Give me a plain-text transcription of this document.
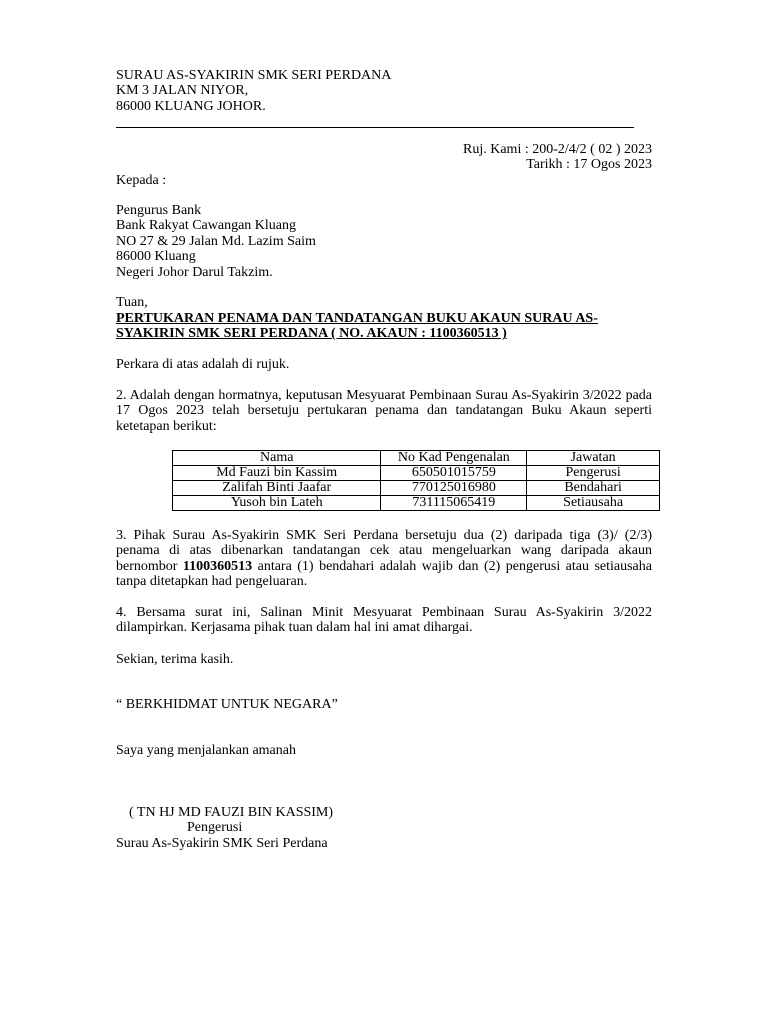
SURAU AS-SYAKIRIN SMK SERI PERDANA
KM 3 JALAN NIYOR,
86000 KLUANG JOHOR.
Ruj. Kami : 200-2/4/2 ( 02 ) 2023
Tarikh : 17 Ogos 2023
Kepada :
Pengurus Bank
Bank Rakyat Cawangan Kluang
NO 27 & 29 Jalan Md. Lazim Saim
86000 Kluang
Negeri Johor Darul Takzim.
Tuan,
PERTUKARAN PENAMA DAN TANDATANGAN BUKU AKAUN SURAU AS-
SYAKIRIN SMK SERI PERDANA ( NO. AKAUN : 1100360513 )
Perkara di atas adalah di rujuk.
2. Adalah dengan hormatnya, keputusan Mesyuarat Pembinaan Surau As-Syakirin 3/2022 pada
17 Ogos 2023 telah bersetuju pertukaran penama dan tandatangan Buku Akaun seperti
ketetapan berikut:
Nama	No Kad Pengenalan	Jawatan
Md Fauzi bin Kassim	650501015759	Pengerusi
Zalifah Binti Jaafar	770125016980	Bendahari
Yusoh bin Lateh	731115065419	Setiausaha
3. Pihak Surau As-Syakirin SMK Seri Perdana bersetuju dua (2) daripada tiga (3)/ (2/3)
penama di atas dibenarkan tandatangan cek atau mengeluarkan wang daripada akaun
bernombor 1100360513 antara (1) bendahari adalah wajib dan (2) pengerusi atau setiausaha
tanpa ditetapkan had pengeluaran.
4. Bersama surat ini, Salinan Minit Mesyuarat Pembinaan Surau As-Syakirin 3/2022
dilampirkan. Kerjasama pihak tuan dalam hal ini amat dihargai.
Sekian, terima kasih.
“ BERKHIDMAT UNTUK NEGARA”
Saya yang menjalankan amanah
( TN HJ MD FAUZI BIN KASSIM)
Pengerusi
Surau As-Syakirin SMK Seri Perdana
